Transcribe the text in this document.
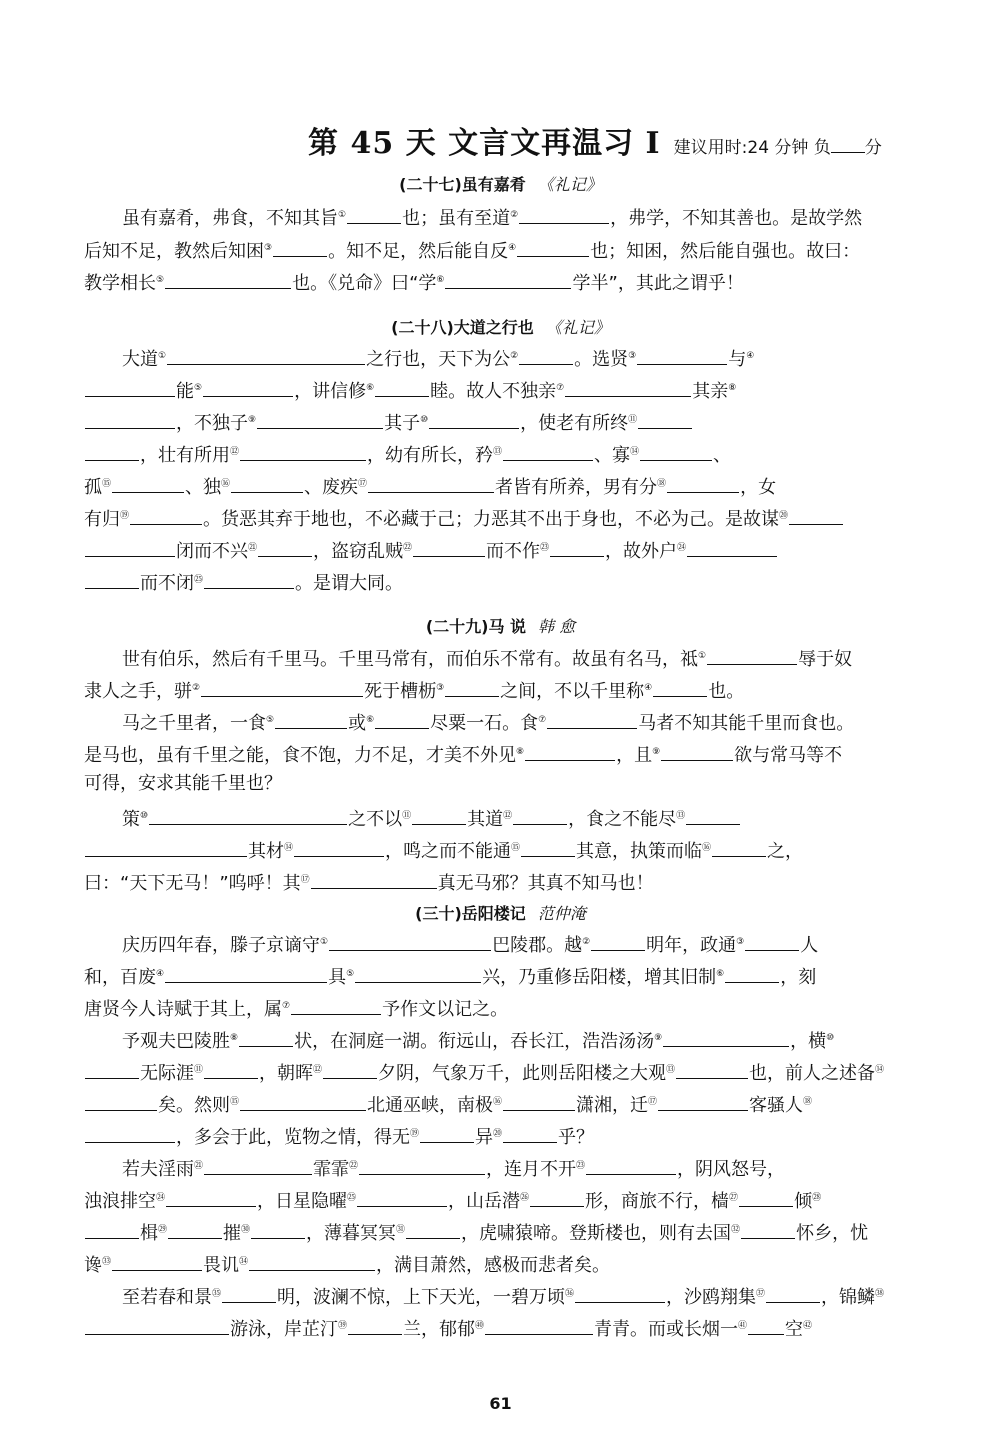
第 45 天 文言文再温习 I 建议用时:24 分钟 负 分
(二十七)虽有嘉肴 《礼记》
虽有嘉肴，弗食，不知其旨①	也；虽有至道②	，弗学，不知其善也。是故学然
后知不足，教然后知困③	。知不足，然后能自反④	也；知困，然后能自强也。故曰：
教学相长⑤	也。《兑命》曰“学⑥	学半”，其此之谓乎！
(二十八)大道之行也 《礼记》
大道①	之行也，天下为公②	。选贤③	与④
能⑤	，讲信修⑥	睦。故人不独亲⑦	其亲⑧
，不独子⑨	其子⑩	，使老有所终⑪
，壮有所用⑫	，幼有所长，矜⑬	、寡⑭	、
孤⑮	、独⑯	、废疾⑰	者皆有所养，男有分⑱	，女
有归⑲	。货恶其弃于地也，不必藏于己；力恶其不出于身也，不必为己。是故谋⑳
闭而不兴$^㉑$	，盗窃乱贼$^㉒$	而不作$^㉓$	，故外户$^㉔$
而不闭$^㉕$	。是谓大同。
(二十九)马 说 韩 愈
世有伯乐，然后有千里马。千里马常有，而伯乐不常有。故虽有名马，祗①	辱于奴
隶人之手，骈②	死于槽枥③	之间，不以千里称④	也。
马之千里者，一食⑤	或⑥	尽粟一石。食⑦	马者不知其能千里而食也。
是马也，虽有千里之能，食不饱，力不足，才美不外见⑧	，且⑨	欲与常马等不
可得，安求其能千里也？
策⑩	之不以⑪	其道⑫	，食之不能尽⑬
其材⑭	，鸣之而不能通⑮	其意，执策而临⑯	之，
曰：“天下无马！”呜呼！其⑰	真无马邪？其真不知马也！
(三十)岳阳楼记 范仲淹
庆历四年春，滕子京谪守①	巴陵郡。越②	明年，政通③	人
和，百废④	具⑤	兴，乃重修岳阳楼，增其旧制⑥	，刻
唐贤今人诗赋于其上，属⑦	予作文以记之。
予观夫巴陵胜⑧	状，在洞庭一湖。衔远山，吞长江，浩浩汤汤⑨	，横⑩
无际涯⑪	，朝晖⑫	夕阴，气象万千，此则岳阳楼之大观⑬	也，前人之述备⑭
矣。然则⑮	北通巫峡，南极⑯	潇湘，迁⑰	客骚人⑱
，多会于此，览物之情，得无⑲	异⑳	乎？
若夫淫雨$^㉑$	霏霏$^㉒$	，连月不开$^㉓$	，阴风怒号，
浊浪排空$^㉔$	，日星隐曜$^㉕$	，山岳潜$^㉖$	形，商旅不行，樯$^㉗$	倾$^㉘$
楫$^㉙$	摧$^㉚$	，薄暮冥冥$^㉛$	，虎啸猿啼。登斯楼也，则有去国$^㉜$	怀乡，忧
谗$^㉝$	畏讥$^㉞$	，满目萧然，感极而悲者矣。
至若春和景$^㉟$	明，波澜不惊，上下天光，一碧万顷$^㊱$	，沙鸥翔集$^㊲$	，锦鳞$^㊳$
游泳，岸芷汀$^㊴$	兰，郁郁$^㊵$	青青。而或长烟一$^㊶$ 空$^㊷$
61
